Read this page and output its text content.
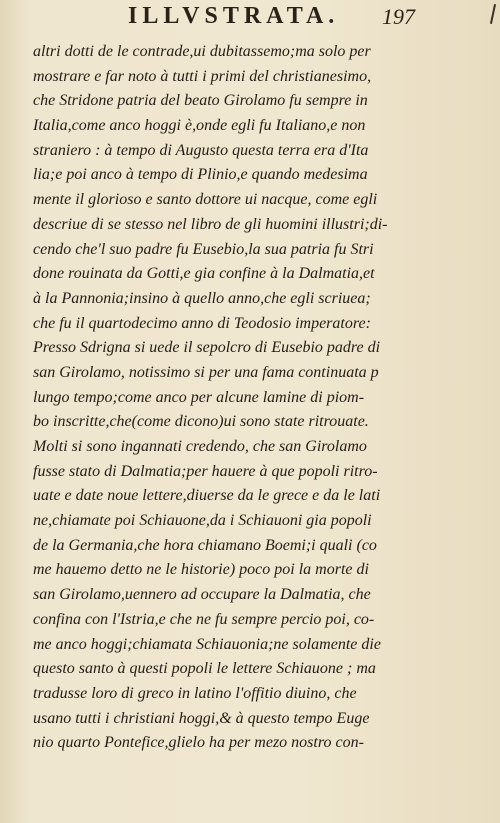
ILLVSTRATA. 197
altri dotti de le contrade,ui dubitassemo;ma solo per
mostrare e far noto à tutti i primi del christianesimo,
che Stridone patria del beato Girolamo fu sempre in
Italia,come anco hoggi è,onde egli fu Italiano,e non
straniero : à tempo di Augusto questa terra era d'Ita
lia;e poi anco à tempo di Plinio,e quando medesima
mente il glorioso e santo dottore ui nacque, come egli
descriue di se stesso nel libro de gli huomini illustri;di-
cendo che'l suo padre fu Eusebio,la sua patria fu Stri
done rouinata da Gotti,e gia confine à la Dalmatia,et
à la Pannonia;insino à quello anno,che egli scriuea;
che fu il quartodecimo anno di Teodosio imperatore:
Presso Sdrigna si uede il sepolcro di Eusebio padre di
san Girolamo, notissimo si per una fama continuata p
lungo tempo;come anco per alcune lamine di piom-
bo inscritte,che(come dicono)ui sono state ritrouate.
Molti si sono ingannati credendo, che san Girolamo
fusse stato di Dalmatia;per hauere à que popoli ritro-
uate e date noue lettere,diuerse da le grece e da le lati
ne,chiamate poi Schiauone,da i Schiauoni gia popoli
de la Germania,che hora chiamano Boemi;i quali (co
me hauemo detto ne le historie) poco poi la morte di
san Girolamo,uennero ad occupare la Dalmatia, che
confina con l'Istria,e che ne fu sempre percio poi, co-
me anco hoggi;chiamata Schiauonia;ne solamente die
questo santo à questi popoli le lettere Schiauone ; ma
tradusse loro di greco in latino l'offitio diuino, che
usano tutti i christiani hoggi,& à questo tempo Euge
nio quarto Pontefice,glielo ha per mezo nostro con-
